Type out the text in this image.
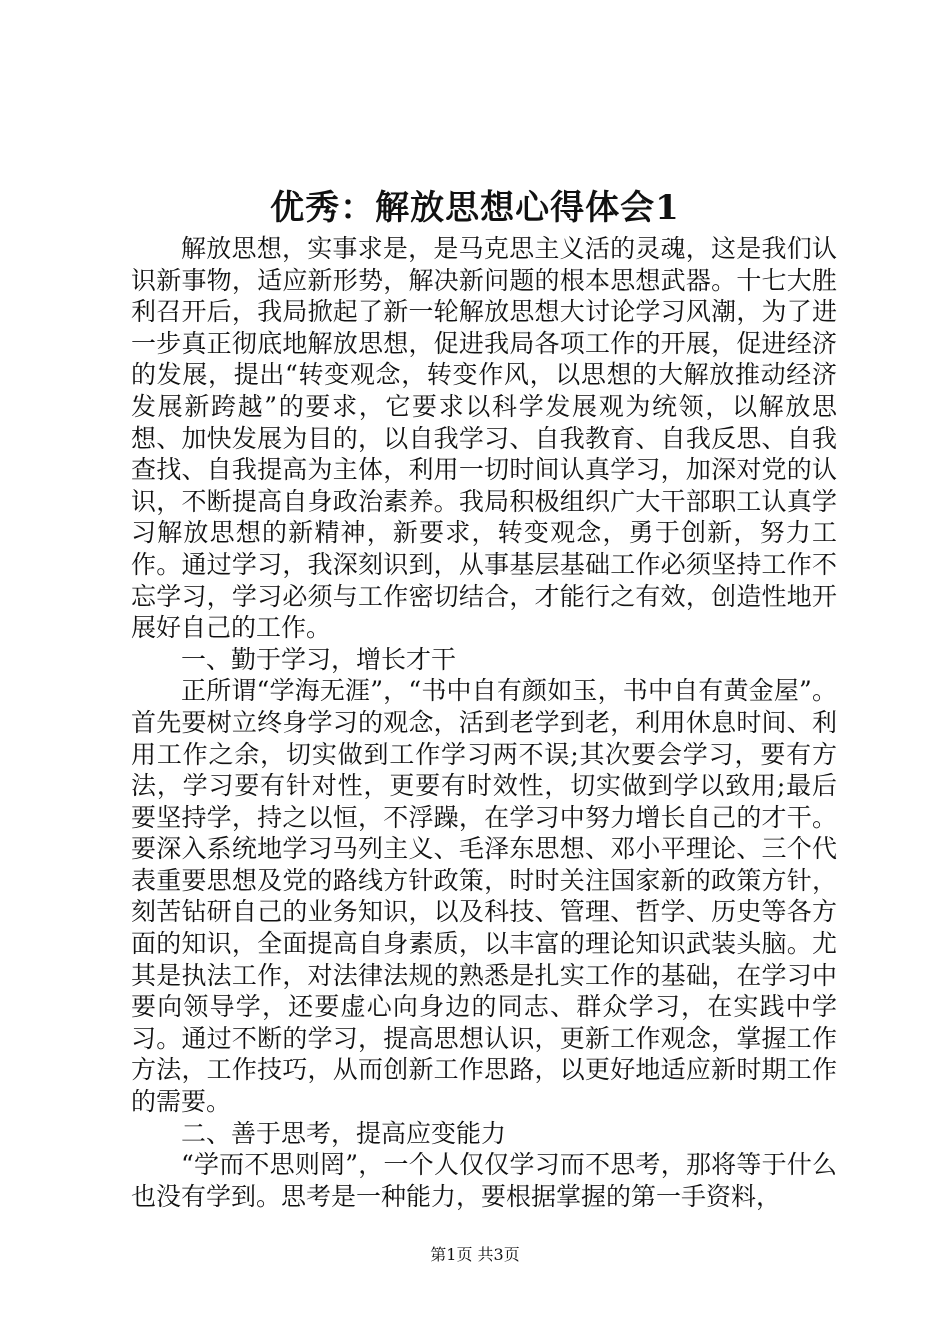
优秀：解放思想心得体会1

解放思想，实事求是，是马克思主义活的灵魂，这是我们认识新事物，适应新形势，解决新问题的根本思想武器。十七大胜利召开后，我局掀起了新一轮解放思想大讨论学习风潮，为了进一步真正彻底地解放思想，促进我局各项工作的开展，促进经济的发展，提出“转变观念，转变作风，以思想的大解放推动经济发展新跨越”的要求，它要求以科学发展观为统领，以解放思想、加快发展为目的，以自我学习、自我教育、自我反思、自我查找、自我提高为主体，利用一切时间认真学习，加深对党的认识，不断提高自身政治素养。我局积极组织广大干部职工认真学习解放思想的新精神，新要求，转变观念，勇于创新，努力工作。通过学习，我深刻识到，从事基层基础工作必须坚持工作不忘学习，学习必须与工作密切结合，才能行之有效，创造性地开展好自己的工作。

一、勤于学习，增长才干

正所谓“学海无涯”，“书中自有颜如玉，书中自有黄金屋”。首先要树立终身学习的观念，活到老学到老，利用休息时间、利用工作之余，切实做到工作学习两不误;其次要会学习，要有方法，学习要有针对性，更要有时效性，切实做到学以致用;最后要坚持学，持之以恒，不浮躁，在学习中努力增长自己的才干。要深入系统地学习马列主义、毛泽东思想、邓小平理论、三个代表重要思想及党的路线方针政策，时时关注国家新的政策方针，刻苦钻研自己的业务知识，以及科技、管理、哲学、历史等各方面的知识，全面提高自身素质，以丰富的理论知识武装头脑。尤其是执法工作，对法律法规的熟悉是扎实工作的基础，在学习中要向领导学，还要虚心向身边的同志、群众学习，在实践中学习。通过不断的学习，提高思想认识，更新工作观念，掌握工作方法，工作技巧，从而创新工作思路，以更好地适应新时期工作的需要。

二、善于思考，提高应变能力

“学而不思则罔”，一个人仅仅学习而不思考，那将等于什么也没有学到。思考是一种能力，要根据掌握的第一手资料，

第1页 共3页
